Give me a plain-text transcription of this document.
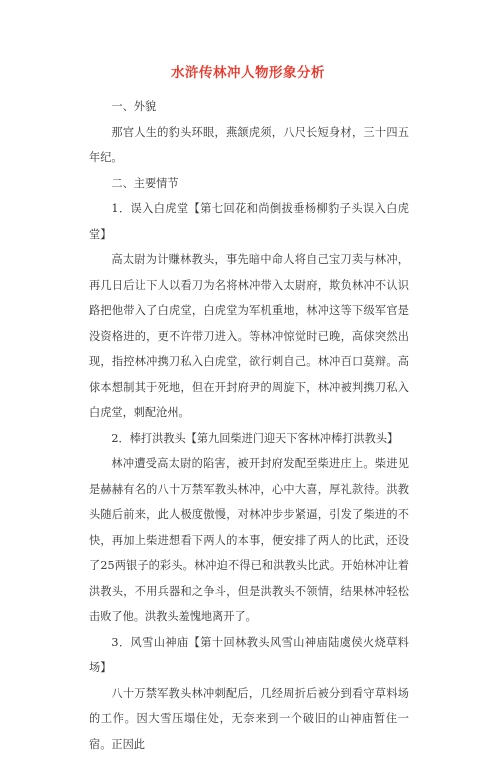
水浒传林冲人物形象分析

一、外貌

那官人生的豹头环眼，燕颔虎须，八尺长短身材，三十四五年纪。

二、主要情节

1．误入白虎堂【第七回花和尚倒拔垂杨柳豹子头误入白虎堂】

高太尉为计赚林教头，事先暗中命人将自己宝刀卖与林冲，再几日后让下人以看刀为名将林冲带入太尉府，欺负林冲不认识路把他带入了白虎堂，白虎堂为军机重地，林冲这等下级军官是没资格进的，更不许带刀进入。等林冲惊觉时已晚，高俅突然出现，指控林冲携刀私入白虎堂，欲行刺自己。林冲百口莫辩。高俅本想制其于死地，但在开封府尹的周旋下，林冲被判携刀私入白虎堂，刺配沧州。

2．棒打洪教头【第九回柴进门迎天下客林冲棒打洪教头】

林冲遭受高太尉的陷害，被开封府发配至柴进庄上。柴进见是赫赫有名的八十万禁军教头林冲，心中大喜，厚礼款待。洪教头随后前来，此人极度傲慢，对林冲步步紧逼，引发了柴进的不快，再加上柴进想看下两人的本事，便安排了两人的比武，还设了25两银子的彩头。林冲迫不得已和洪教头比武。开始林冲让着洪教头，不用兵器和之争斗，但是洪教头不领情，结果林冲轻松击败了他。洪教头羞愧地离开了。

3．风雪山神庙【第十回林教头风雪山神庙陆虞侯火烧草料场】

八十万禁军教头林冲刺配后，几经周折后被分到看守草料场的工作。因大雪压塌住处，无奈来到一个破旧的山神庙暂住一宿。正因此
